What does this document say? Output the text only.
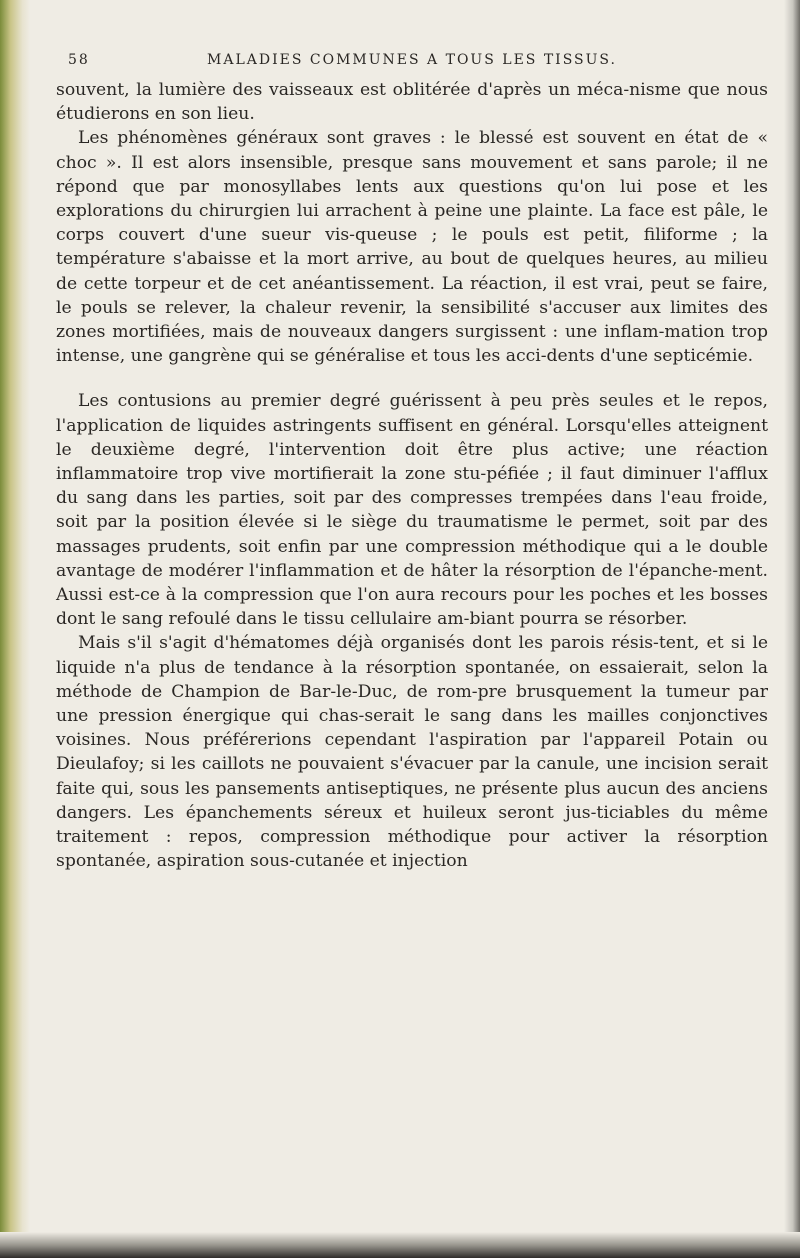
58	MALADIES COMMUNES A TOUS LES TISSUS.

souvent, la lumière des vaisseaux est oblitérée d'après un méca-nisme que nous étudierons en son lieu.

Les phénomènes généraux sont graves : le blessé est souvent en état de « choc ». Il est alors insensible, presque sans mouvement et sans parole; il ne répond que par monosyllabes lents aux questions qu'on lui pose et les explorations du chirurgien lui arrachent à peine une plainte. La face est pâle, le corps couvert d'une sueur vis-queuse ; le pouls est petit, filiforme ; la température s'abaisse et la mort arrive, au bout de quelques heures, au milieu de cette torpeur et de cet anéantissement. La réaction, il est vrai, peut se faire, le pouls se relever, la chaleur revenir, la sensibilité s'accuser aux limites des zones mortifiées, mais de nouveaux dangers surgissent : une inflam-mation trop intense, une gangrène qui se généralise et tous les acci-dents d'une septicémie.

Les contusions au premier degré guérissent à peu près seules et le repos, l'application de liquides astringents suffisent en général. Lorsqu'elles atteignent le deuxième degré, l'intervention doit être plus active; une réaction inflammatoire trop vive mortifierait la zone stu-péfiée ; il faut diminuer l'afflux du sang dans les parties, soit par des compresses trempées dans l'eau froide, soit par la position élevée si le siège du traumatisme le permet, soit par des massages prudents, soit enfin par une compression méthodique qui a le double avantage de modérer l'inflammation et de hâter la résorption de l'épanche-ment. Aussi est-ce à la compression que l'on aura recours pour les poches et les bosses dont le sang refoulé dans le tissu cellulaire am-biant pourra se résorber.

Mais s'il s'agit d'hématomes déjà organisés dont les parois résis-tent, et si le liquide n'a plus de tendance à la résorption spontanée, on essaierait, selon la méthode de Champion de Bar-le-Duc, de rom-pre brusquement la tumeur par une pression énergique qui chas-serait le sang dans les mailles conjonctives voisines. Nous préférerions cependant l'aspiration par l'appareil Potain ou Dieulafoy; si les caillots ne pouvaient s'évacuer par la canule, une incision serait faite qui, sous les pansements antiseptiques, ne présente plus aucun des anciens dangers. Les épanchements séreux et huileux seront jus-ticiables du même traitement : repos, compression méthodique pour activer la résorption spontanée, aspiration sous-cutanée et injection
